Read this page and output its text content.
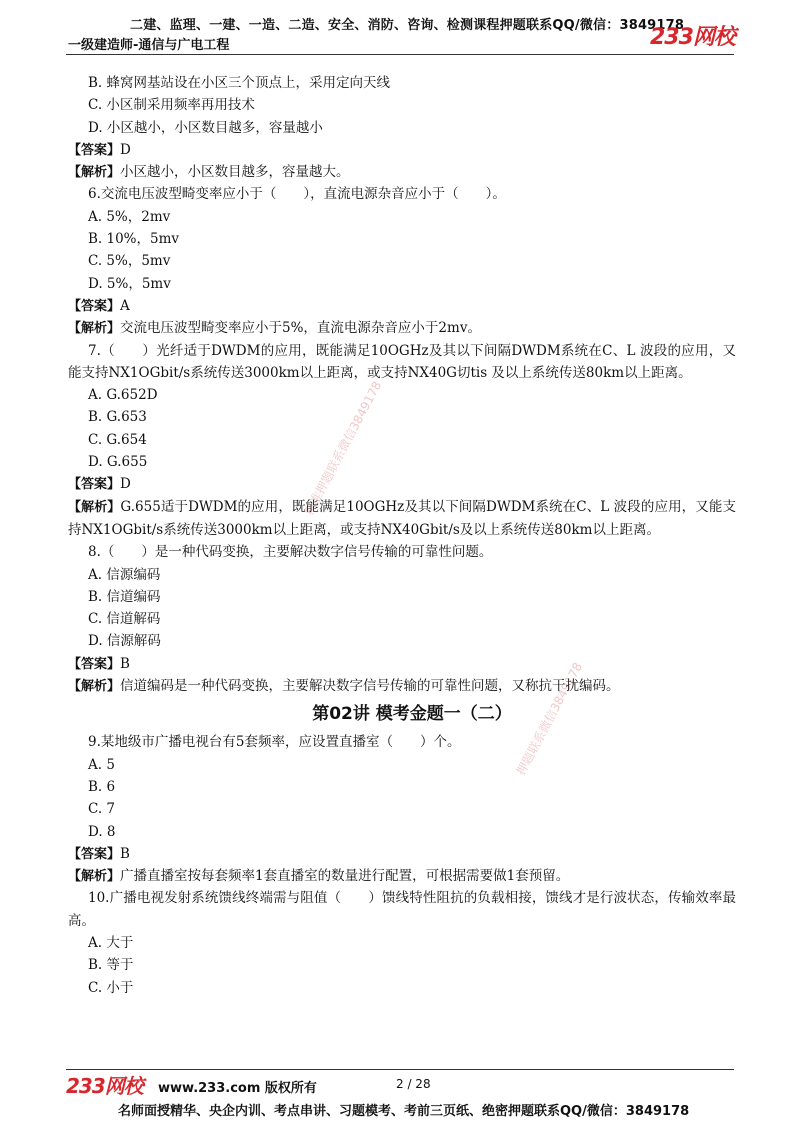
二建、监理、一建、一造、二造、安全、消防、咨询、检测课程押题联系QQ/微信：3849178
一级建造师-通信与广电工程	233网校
精准押题联系微信3849178
押题联系微信3849178
B. 蜂窝网基站设在小区三个顶点上，采用定向天线
C. 小区制采用频率再用技术
D. 小区越小，小区数目越多，容量越小
【答案】D
【解析】小区越小，小区数目越多，容量越大。
6.交流电压波型畸变率应小于（　　），直流电源杂音应小于（　　）。
A. 5%，2mv
B. 10%，5mv
C. 5%，5mv
D. 5%，5mv
【答案】A
【解析】交流电压波型畸变率应小于5%，直流电源杂音应小于2mv。
7.（　　）光纤适于DWDM的应用，既能满足10OGHz及其以下间隔DWDM系统在C、L 波段的应用，又能支持NX1OGbit/s系统传送3000km以上距离，或支持NX40G切tis 及以上系统传送80km以上距离。
A. G.652D
B. G.653
C. G.654
D. G.655
【答案】D
【解析】G.655适于DWDM的应用，既能满足10OGHz及其以下间隔DWDM系统在C、L 波段的应用，又能支持NX1OGbit/s系统传送3000km以上距离，或支持NX40Gbit/s及以上系统传送80km以上距离。
8.（　　）是一种代码变换，主要解决数字信号传输的可靠性问题。
A. 信源编码
B. 信道编码
C. 信道解码
D. 信源解码
【答案】B
【解析】信道编码是一种代码变换，主要解决数字信号传输的可靠性问题，又称抗干扰编码。
第02讲 模考金题一（二）
9.某地级市广播电视台有5套频率，应设置直播室（　　）个。
A. 5
B. 6
C. 7
D. 8
【答案】B
【解析】广播直播室按每套频率1套直播室的数量进行配置，可根据需要做1套预留。
10.广播电视发射系统馈线终端需与阻值（　　）馈线特性阻抗的负载相接，馈线才是行波状态，传输效率最高。
A. 大于
B. 等于
C. 小于
233网校 www.233.com 版权所有	2 / 28
名师面授精华、央企内训、考点串讲、习题模考、考前三页纸、绝密押题联系QQ/微信：3849178
